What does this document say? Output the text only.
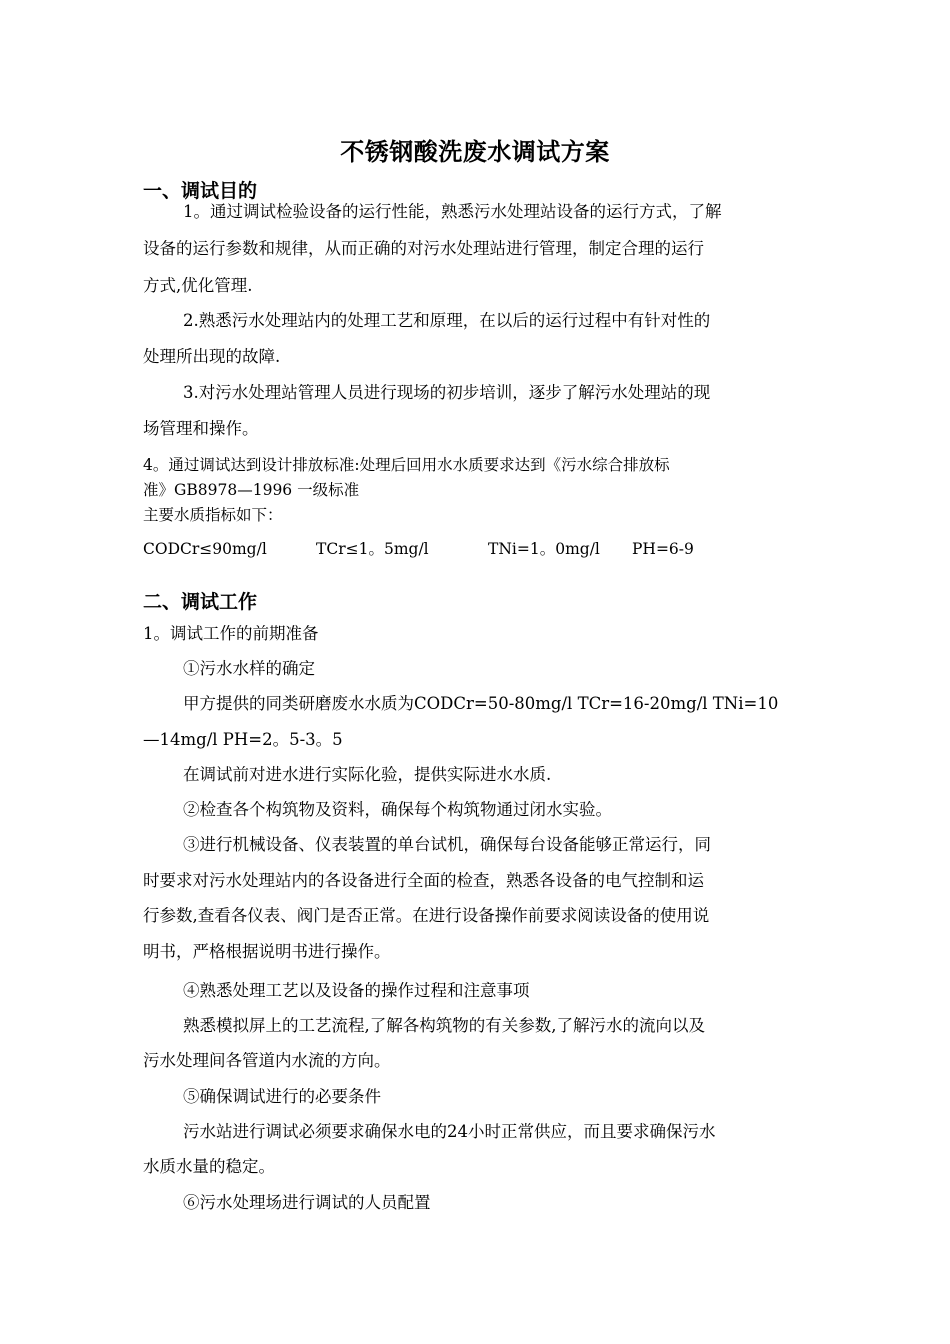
不锈钢酸洗废水调试方案
一、调试目的
1。通过调试检验设备的运行性能，熟悉污水处理站设备的运行方式，了解
设备的运行参数和规律，从而正确的对污水处理站进行管理，制定合理的运行
方式,优化管理.
2.熟悉污水处理站内的处理工艺和原理，在以后的运行过程中有针对性的
处理所出现的故障.
3.对污水处理站管理人员进行现场的初步培训，逐步了解污水处理站的现
场管理和操作。
4。通过调试达到设计排放标准:处理后回用水水质要求达到《污水综合排放标
准》GB8978—1996 一级标准
主要水质指标如下：
CODCr≤90mg/l	TCr≤1。5mg/l	TNi=1。0mg/l PH=6-9
二、调试工作
1。调试工作的前期准备
①污水水样的确定
甲方提供的同类研磨废水水质为CODCr=50-80mg/l TCr=16-20mg/l TNi=10
—14mg/l PH=2。5-3。5
在调试前对进水进行实际化验，提供实际进水水质.
②检查各个构筑物及资料，确保每个构筑物通过闭水实验。
③进行机械设备、仪表装置的单台试机，确保每台设备能够正常运行，同
时要求对污水处理站内的各设备进行全面的检查，熟悉各设备的电气控制和运
行参数,查看各仪表、阀门是否正常。在进行设备操作前要求阅读设备的使用说
明书，严格根据说明书进行操作。
④熟悉处理工艺以及设备的操作过程和注意事项
熟悉模拟屏上的工艺流程,了解各构筑物的有关参数,了解污水的流向以及
污水处理间各管道内水流的方向。
⑤确保调试进行的必要条件
污水站进行调试必须要求确保水电的24小时正常供应，而且要求确保污水
水质水量的稳定。
⑥污水处理场进行调试的人员配置
